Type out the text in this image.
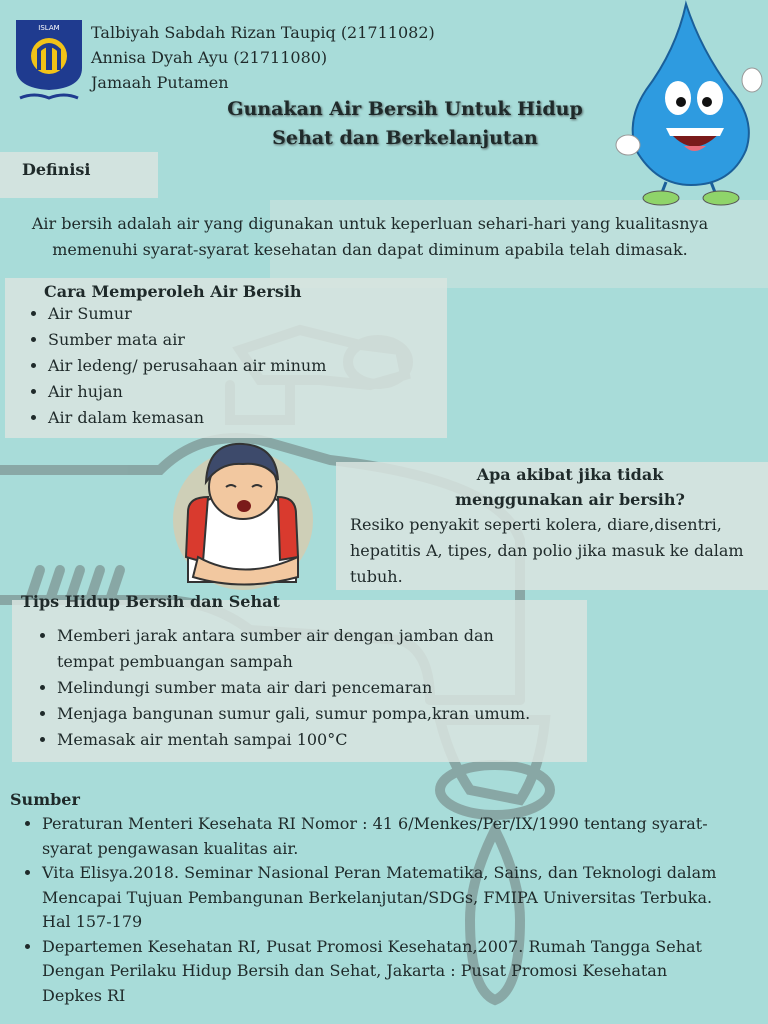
ISLAM Talbiyah Sabdah Rizan Taupiq (21711082)
Annisa Dyah Ayu (21711080)
Jamaah Putamen
Gunakan Air Bersih Untuk Hidup
Sehat dan Berkelanjutan
Definisi
Air bersih adalah air yang digunakan untuk keperluan sehari-hari yang kualitasnya
memenuhi syarat-syarat kesehatan dan dapat diminum apabila telah dimasak.
Cara Memperoleh Air Bersih
• Air Sumur
• Sumber mata air
• Air ledeng/ perusahaan air minum
• Air hujan
• Air dalam kemasan
Apa akibat jika tidak
menggunakan air bersih?
Resiko penyakit seperti kolera, diare,disentri,
hepatitis A, tipes, dan polio jika masuk ke dalam
tubuh.
Tips Hidup Bersih dan Sehat
• Memberi jarak antara sumber air dengan jamban dan
tempat pembuangan sampah
• Melindungi sumber mata air dari pencemaran
• Menjaga bangunan sumur gali, sumur pompa,kran umum.
• Memasak air mentah sampai 100°C
Sumber
• Peraturan Menteri Kesehata RI Nomor : 41 6/Menkes/Per/IX/1990 tentang syarat-
syarat pengawasan kualitas air.
• Vita Elisya.2018. Seminar Nasional Peran Matematika, Sains, dan Teknologi dalam
Mencapai Tujuan Pembangunan Berkelanjutan/SDGs, FMIPA Universitas Terbuka.
Hal 157-179
• Departemen Kesehatan RI, Pusat Promosi Kesehatan,2007. Rumah Tangga Sehat
Dengan Perilaku Hidup Bersih dan Sehat, Jakarta : Pusat Promosi Kesehatan
Depkes RI
